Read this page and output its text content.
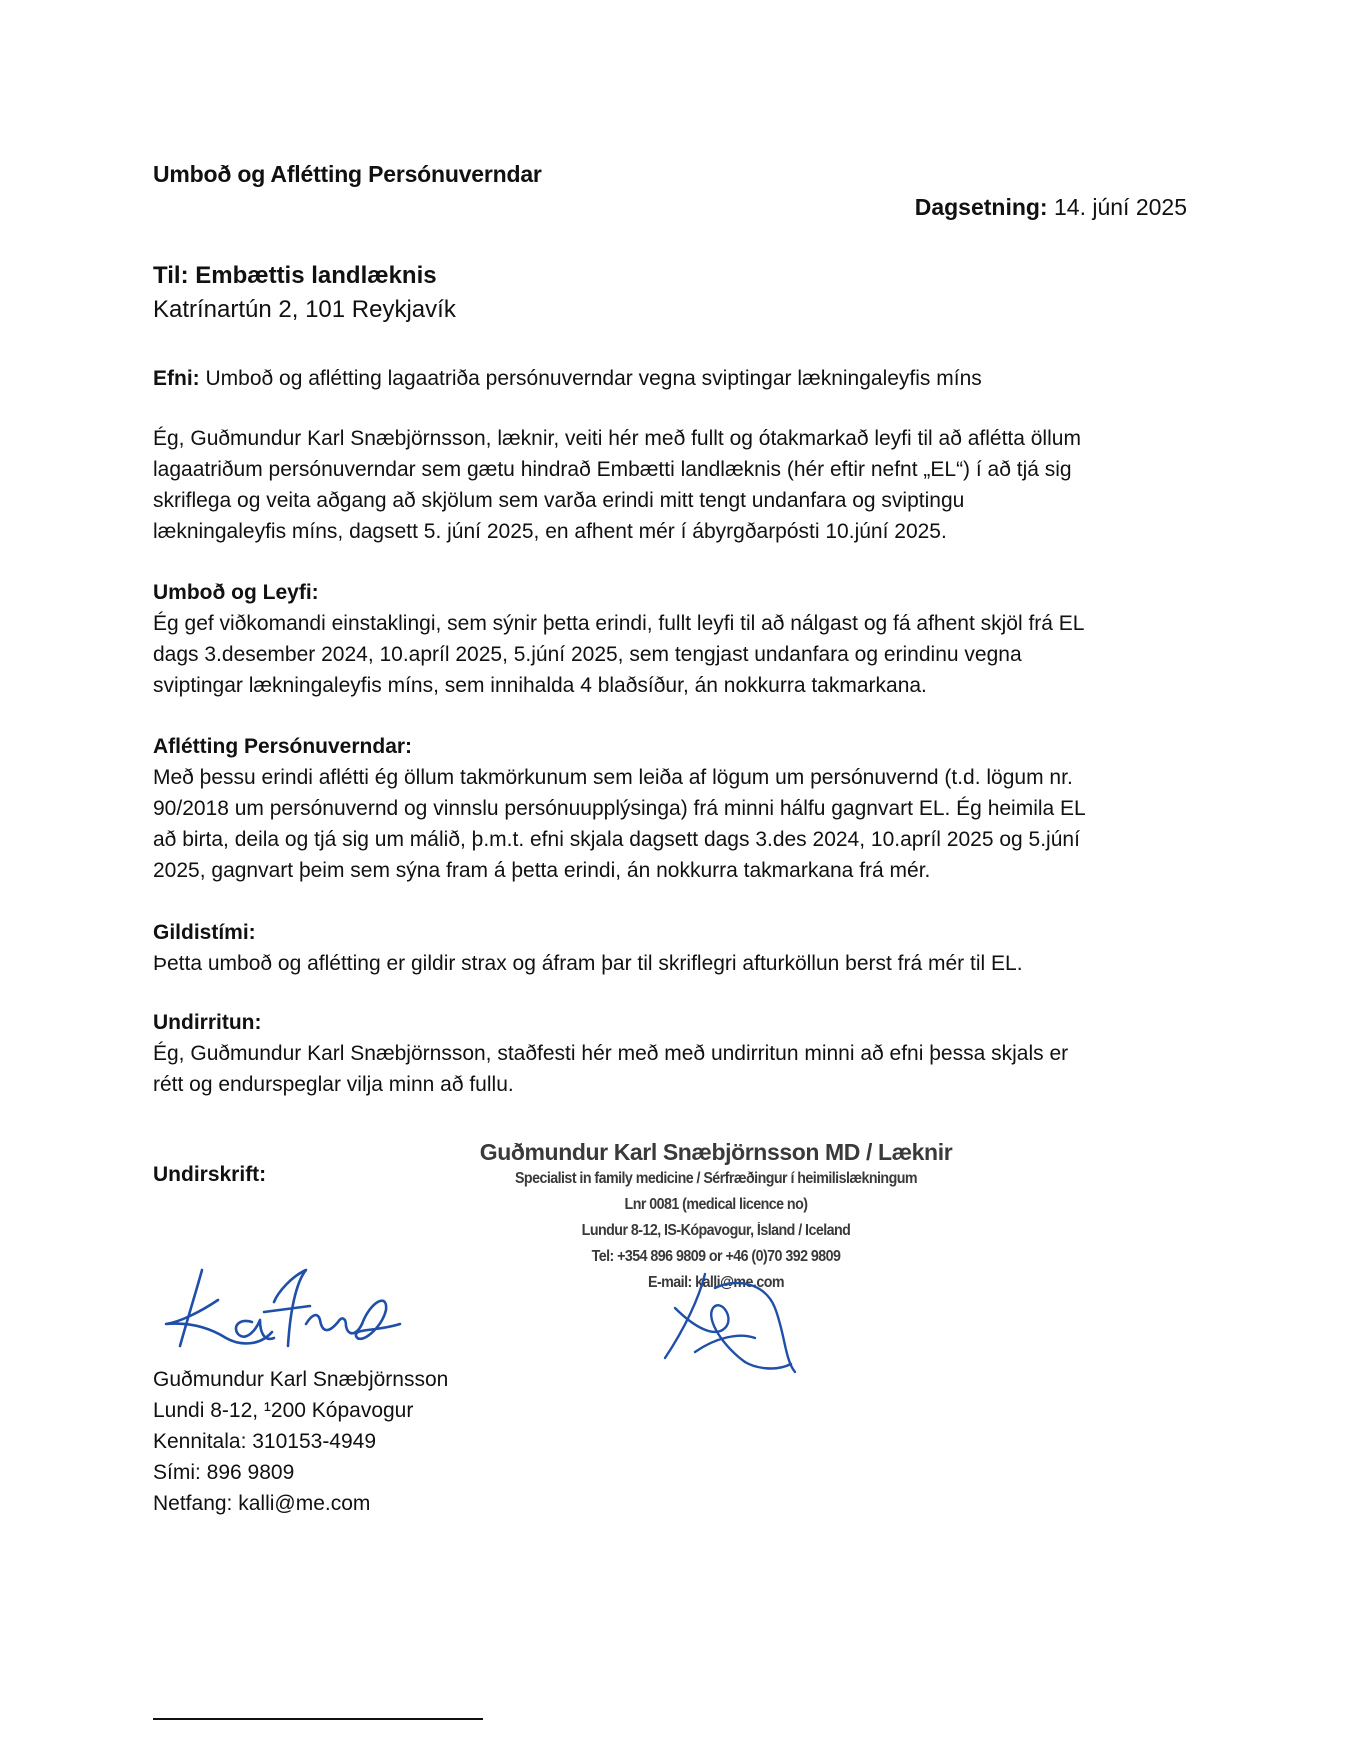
Umboð og Aflétting Persónuverndar
Dagsetning: 14. júní 2025
Til: Embættis landlæknis
Katrínartún 2, 101 Reykjavík
Efni: Umboð og aflétting lagaatriða persónuverndar vegna sviptingar lækningaleyfis míns

Ég, Guðmundur Karl Snæbjörnsson, læknir, veiti hér með fullt og ótakmarkað leyfi til að aflétta öllum

lagaatriðum persónuverndar sem gætu hindrað Embætti landlæknis (hér eftir nefnt „EL“) í að tjá sig

skriflega og veita aðgang að skjölum sem varða erindi mitt tengt undanfara og sviptingu

lækningaleyfis míns, dagsett 5. júní 2025, en afhent mér í ábyrgðarpósti 10.júní 2025.

Umboð og Leyfi:

Ég gef viðkomandi einstaklingi, sem sýnir þetta erindi, fullt leyfi til að nálgast og fá afhent skjöl frá EL

dags 3.desember 2024, 10.apríl 2025, 5.júní 2025, sem tengjast undanfara og erindinu vegna

sviptingar lækningaleyfis míns, sem innihalda 4 blaðsíður, án nokkurra takmarkana.

Aflétting Persónuverndar:

Með þessu erindi aflétti ég öllum takmörkunum sem leiða af lögum um persónuvernd (t.d. lögum nr.

90/2018 um persónuvernd og vinnslu persónuupplýsinga) frá minni hálfu gagnvart EL. Ég heimila EL

að birta, deila og tjá sig um málið, þ.m.t. efni skjala dagsett dags 3.des 2024, 10.apríl 2025 og 5.júní

2025, gagnvart þeim sem sýna fram á þetta erindi, án nokkurra takmarkana frá mér.

Gildistími:

Þetta umboð og aflétting er gildir strax og áfram þar til skriflegri afturköllun berst frá mér til EL.

Undirritun:

Ég, Guðmundur Karl Snæbjörnsson, staðfesti hér með með undirritun minni að efni þessa skjals er

rétt og endurspeglar vilja minn að fullu.

Undirskrift:
Guðmundur Karl Snæbjörnsson MD / Læknir
Specialist in family medicine / Sérfræðingur í heimilislækningum
Lnr 0081 (medical licence no)
Lundur 8-12, IS-Kópavogur, Ísland / Iceland
Tel: +354 896 9809 or +46 (0)70 392 9809
E-mail: kalli@me.com
Guðmundur Karl Snæbjörnsson
Lundi 8-12, ¹200 Kópavogur
Kennitala: 310153-4949
Sími: 896 9809
Netfang: kalli@me.com
